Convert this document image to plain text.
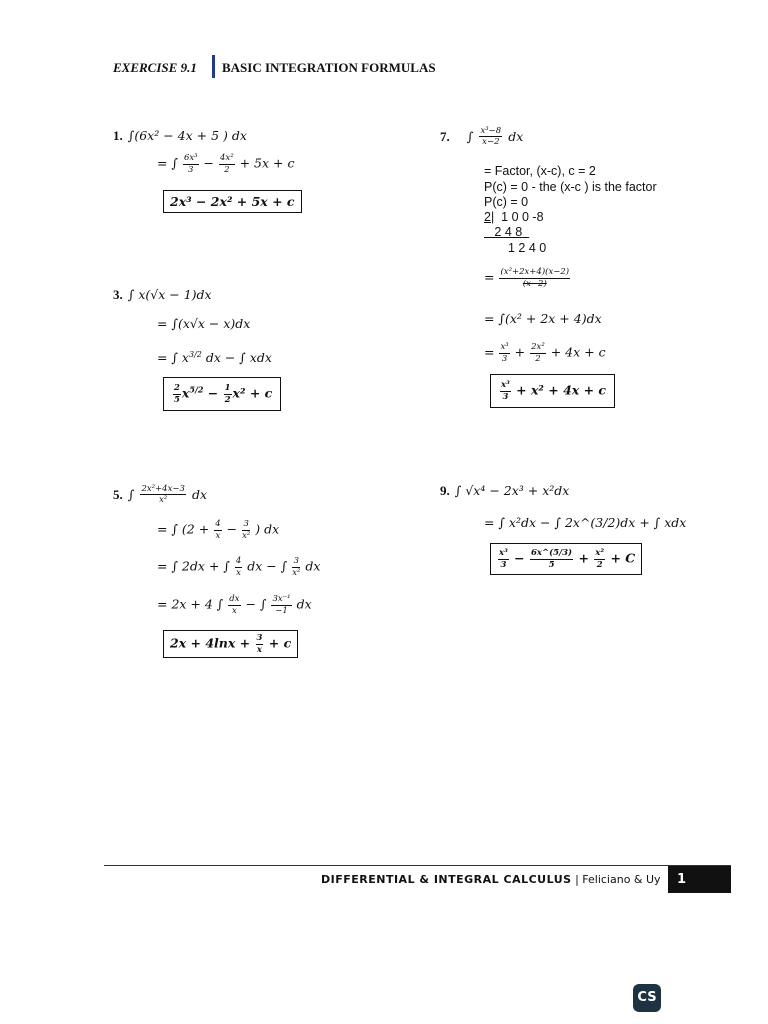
EXERCISE 9.1 BASIC INTEGRATION FORMULAS
1. ∫(6x² − 4x + 5 ) dx
= ∫ $\frac{\text{6x³}}{3} - \frac{\text{4x²}}{2} + 5x + c$
2x³ − 2x² + 5x + c
3. ∫ x(√x − 1)dx
= ∫(x√x − x)dx
= ∫ $x^{3/2}$ dx − ∫ xdx
$\frac{2}{5} x^{5/2} - \frac{1}{2} x^2 + c$
5. ∫ $\frac{\text{2x²+4x−3}}{\text{x²}}$ dx
= ∫ ($2 + \frac{4}{x} - \frac{3}{\text{x²}}$ ) dx
= ∫ 2dx + ∫ $\frac{4}{x}$ dx − ∫ $\frac{3}{\text{x²}}$ dx
= 2x + 4 ∫ $\frac{dx}{x}$ − ∫ $\frac{\text{3x⁻¹}}{-1}$ dx
$2x + 4\ln x + \frac{3}{x} + c$
7. ∫ $\frac{\text{x³−8}}{x-2}$ dx
= Factor, (x-c), c = 2
P(c) = 0 - the (x-c ) is the factor
P(c) = 0
2| 1 0 0 -8
2 4 8
1 2 4 0
= $\frac{\text{(x²+2x+4)(x−2)}}{(x-2)}$
= ∫(x² + 2x + 4)dx
= $\frac{\text{x³}}{3} + \frac{\text{2x²}}{2} + 4x + c$
$\frac{\text{x³}}{3} + x^2 + 4x + c$
9. ∫ √x⁴ − 2x³ + x²dx
= ∫ x²dx − ∫ 2x^(3/2)dx + ∫ xdx
$\frac{\text{x³}}{3} - \frac{6x\^{}(5/3)}{5} + \frac{\text{x²}}{2} + C$
DIFFERENTIAL & INTEGRAL CALCULUS | Feliciano & Uy 1
CS
